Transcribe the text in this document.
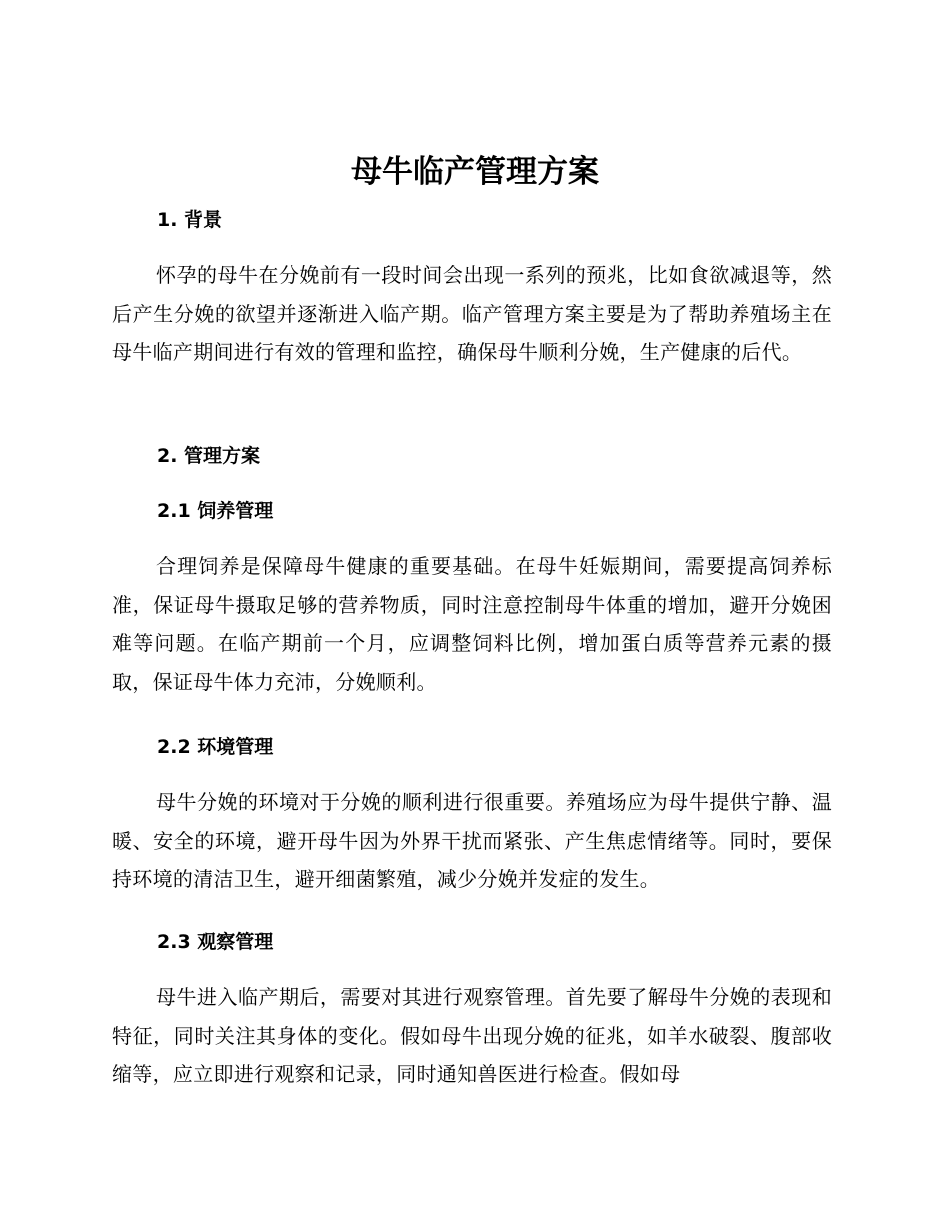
母牛临产管理方案
1. 背景

怀孕的母牛在分娩前有一段时间会出现一系列的预兆，比如食欲减退等，然后产生分娩的欲望并逐渐进入临产期。临产管理方案主要是为了帮助养殖场主在母牛临产期间进行有效的管理和监控，确保母牛顺利分娩，生产健康的后代。

2. 管理方案
2.1 饲养管理

合理饲养是保障母牛健康的重要基础。在母牛妊娠期间，需要提高饲养标准，保证母牛摄取足够的营养物质，同时注意控制母牛体重的增加，避开分娩困难等问题。在临产期前一个月，应调整饲料比例，增加蛋白质等营养元素的摄取，保证母牛体力充沛，分娩顺利。

2.2 环境管理

母牛分娩的环境对于分娩的顺利进行很重要。养殖场应为母牛提供宁静、温暖、安全的环境，避开母牛因为外界干扰而紧张、产生焦虑情绪等。同时，要保持环境的清洁卫生，避开细菌繁殖，减少分娩并发症的发生。

2.3 观察管理

母牛进入临产期后，需要对其进行观察管理。首先要了解母牛分娩的表现和特征，同时关注其身体的变化。假如母牛出现分娩的征兆，如羊水破裂、腹部收缩等，应立即进行观察和记录，同时通知兽医进行检查。假如母
